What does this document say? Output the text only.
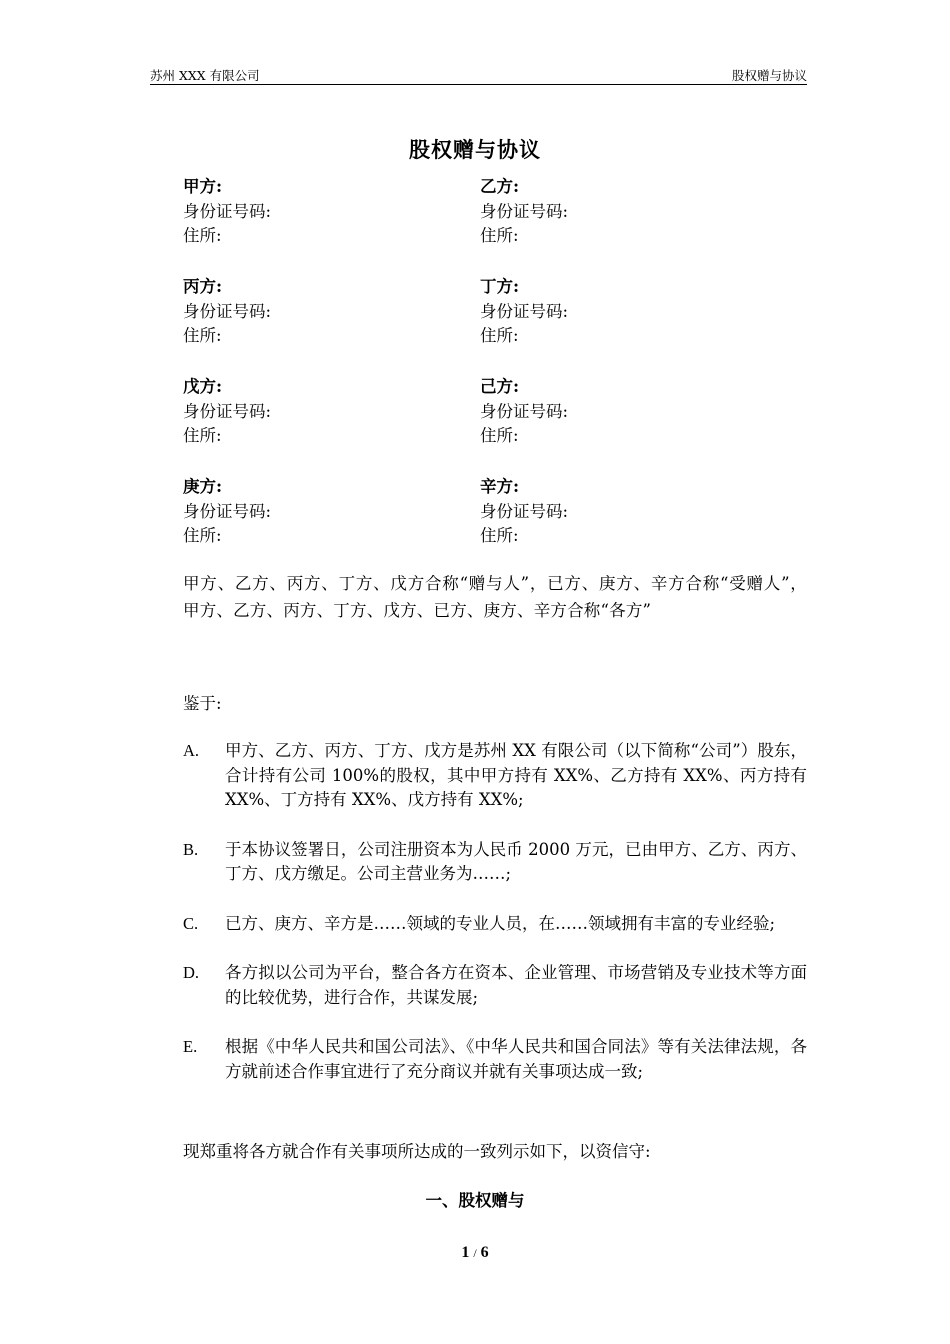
苏州 XXX 有限公司	股权赠与协议
股权赠与协议
甲方:
身份证号码:
住所:
乙方:
身份证号码:
住所:
丙方:
身份证号码:
住所:
丁方:
身份证号码:
住所:
戊方:
身份证号码:
住所:
己方:
身份证号码:
住所:
庚方:
身份证号码:
住所:
辛方:
身份证号码:
住所:
甲方、乙方、丙方、丁方、戊方合称“赠与人”，已方、庚方、辛方合称“受赠人”， 甲方、乙方、丙方、丁方、戊方、已方、庚方、辛方合称“各方”
鉴于:
A.	甲方、乙方、丙方、丁方、戊方是苏州 XX 有限公司（以下简称“公司”）股东，合计持有公司 100%的股权，其中甲方持有 XX%、乙方持有 XX%、丙方持有 XX%、丁方持有 XX%、戊方持有 XX%;
B.	于本协议签署日，公司注册资本为人民币 2000 万元，已由甲方、乙方、丙方、丁方、戊方缴足。公司主营业务为……;
C.	已方、庚方、辛方是……领域的专业人员，在……领域拥有丰富的专业经验;
D.	各方拟以公司为平台，整合各方在资本、企业管理、市场营销及专业技术等方面的比较优势，进行合作，共谋发展;
E.	根据《中华人民共和国公司法》、《中华人民共和国合同法》等有关法律法规，各方就前述合作事宜进行了充分商议并就有关事项达成一致;
现郑重将各方就合作有关事项所达成的一致列示如下，以资信守:
一、股权赠与
1 / 6
